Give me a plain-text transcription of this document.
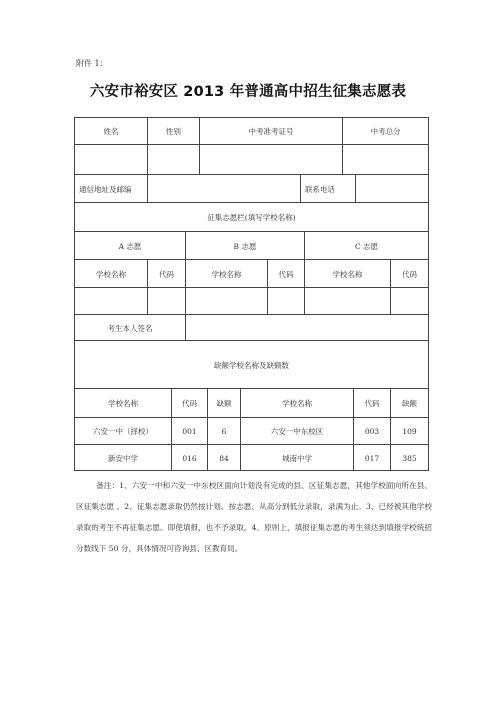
附件 1：
六安市裕安区 2013 年普通高中招生征集志愿表
姓名	性别	中考准考证号	中考总分
通信地址及邮编	联系电话
征集志愿栏(填写学校名称)
A 志愿	B 志愿	C 志愿
学校名称	代码	学校名称	代码	学校名称	代码
考生本人签名
缺额学校名称及缺额数
学校名称	代码	缺额	学校名称	代码	缺额
六安一中（择校）	001	6	六安一中东校区	003	109
新安中学	016	84	城南中学	017	385

备注：1、六安一中和六安一中东校区面向计划没有完成的县、区征集志愿，其他学校面向所在县、区征集志愿 。2、征集志愿录取仍然按计划、按志愿、从高分到低分录取，录满为止。3、已经被其他学校录取的考生不再征集志愿。即使填报，也不予录取。4、原则上，填报征集志愿的考生须达到填报学校统招分数线下 50 分，具体情况可咨询县、区教育局。
